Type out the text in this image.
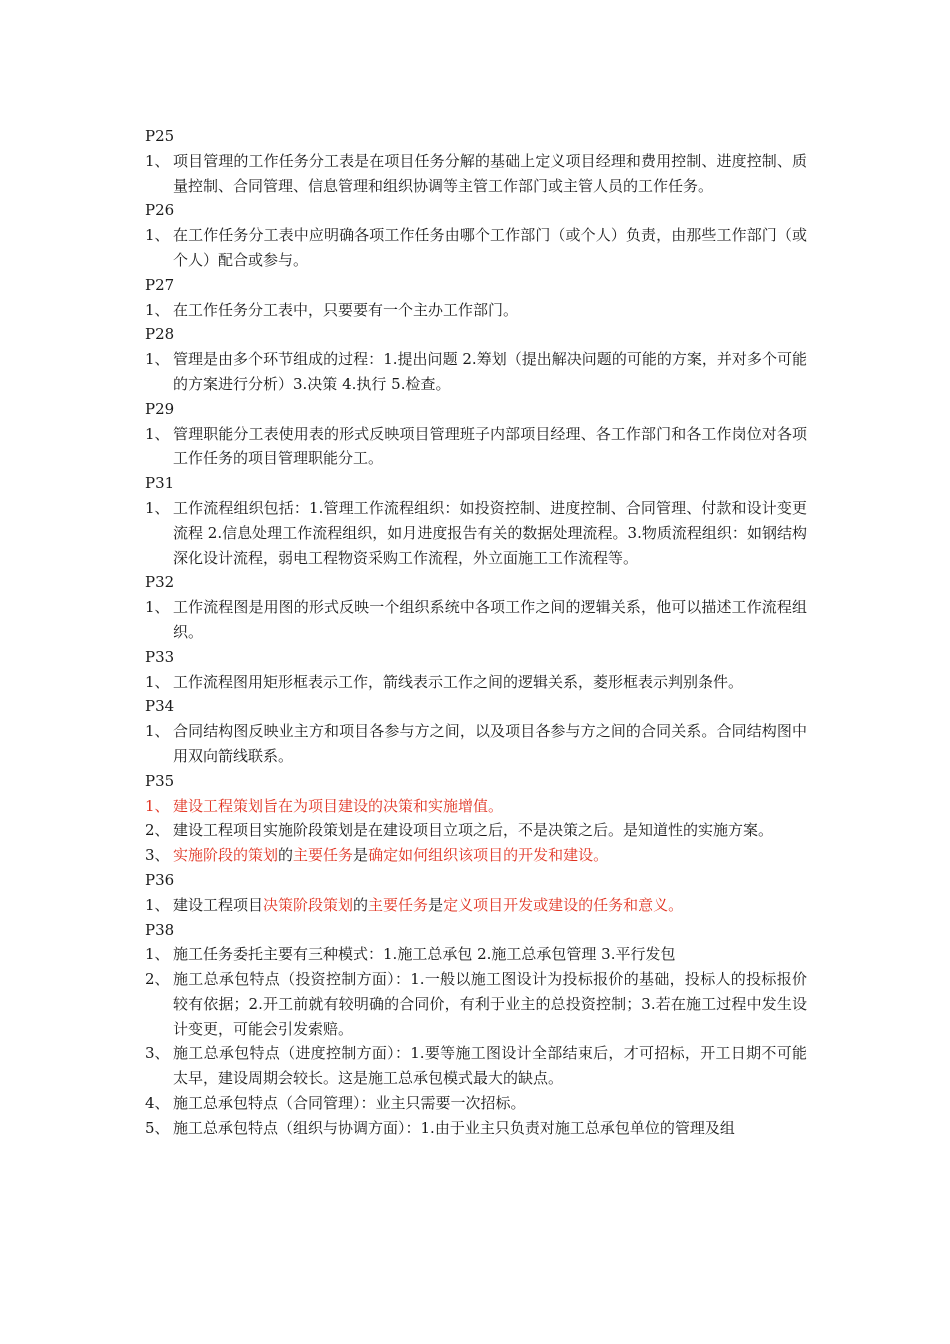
P25
1、 项目管理的工作任务分工表是在项目任务分解的基础上定义项目经理和费用控制、进度控制、质量控制、合同管理、信息管理和组织协调等主管工作部门或主管人员的工作任务。
P26
1、 在工作任务分工表中应明确各项工作任务由哪个工作部门（或个人）负责，由那些工作部门（或个人）配合或参与。
P27
1、 在工作任务分工表中，只要要有一个主办工作部门。
P28
1、 管理是由多个环节组成的过程：1.提出问题 2.筹划（提出解决问题的可能的方案，并对多个可能的方案进行分析）3.决策 4.执行 5.检查。
P29
1、 管理职能分工表使用表的形式反映项目管理班子内部项目经理、各工作部门和各工作岗位对各项工作任务的项目管理职能分工。
P31
1、 工作流程组织包括：1.管理工作流程组织：如投资控制、进度控制、合同管理、付款和设计变更流程 2.信息处理工作流程组织，如月进度报告有关的数据处理流程。3.物质流程组织：如钢结构深化设计流程，弱电工程物资采购工作流程，外立面施工工作流程等。
P32
1、 工作流程图是用图的形式反映一个组织系统中各项工作之间的逻辑关系，他可以描述工作流程组织。
P33
1、 工作流程图用矩形框表示工作，箭线表示工作之间的逻辑关系，菱形框表示判别条件。
P34
1、 合同结构图反映业主方和项目各参与方之间，以及项目各参与方之间的合同关系。合同结构图中用双向箭线联系。
P35
1、 建设工程策划旨在为项目建设的决策和实施增值。
2、 建设工程项目实施阶段策划是在建设项目立项之后，不是决策之后。是知道性的实施方案。
3、 实施阶段的策划的主要任务是确定如何组织该项目的开发和建设。
P36
1、 建设工程项目决策阶段策划的主要任务是定义项目开发或建设的任务和意义。
P38
1、 施工任务委托主要有三种模式：1.施工总承包 2.施工总承包管理 3.平行发包
2、 施工总承包特点（投资控制方面）：1.一般以施工图设计为投标报价的基础，投标人的投标报价较有依据；2.开工前就有较明确的合同价，有利于业主的总投资控制；3.若在施工过程中发生设计变更，可能会引发索赔。
3、 施工总承包特点（进度控制方面）：1.要等施工图设计全部结束后，才可招标，开工日期不可能太早，建设周期会较长。这是施工总承包模式最大的缺点。
4、 施工总承包特点（合同管理）：业主只需要一次招标。
5、 施工总承包特点（组织与协调方面）：1.由于业主只负责对施工总承包单位的管理及组
